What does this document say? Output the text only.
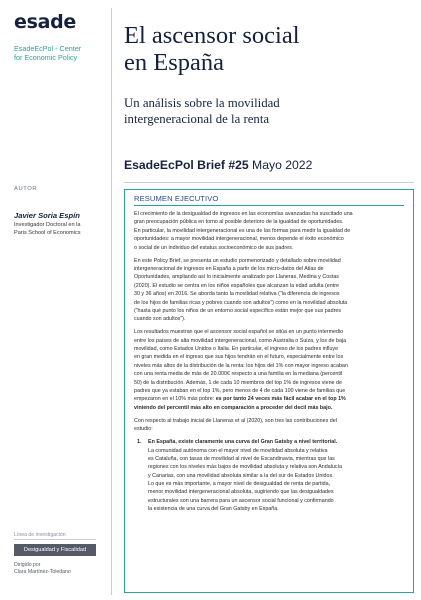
esade
EsadeEcPol - Center
for Economic Policy
El ascensor social
en España
Un análisis sobre la movilidad
intergeneracional de la renta
EsadeEcPol Brief #25 Mayo 2022
AUTOR
Javier Soria Espín
Investigador Doctoral en la
Paris School of Economics
RESUMEN EJECUTIVO
El crecimiento de la desigualdad de ingresos en las economías avanzadas ha suscitado una
gran preocupación pública en torno al posible deterioro de la igualdad de oportunidades.
En particular, la movilidad intergeneracional es una de las formas para medir la igualdad de
oportunidades: a mayor movilidad intergeneracional, menos depende el éxito económico
o social de un individuo del estatus socioeconómico de sus padres.
En este Policy Brief, se presenta un estudio pormenorizado y detallado sobre movilidad
intergeneracional de ingresos en España a partir de los micro-datos del Atlas de
Oportunidades, ampliando así lo inicialmente analizado por Llaneras, Medina y Costas
(2020). El estudio se centra en los niños españoles que alcanzan la edad adulta (entre
30 y 36 años) en 2016. Se aborda tanto la movilidad relativa (“la diferencia de ingresos
de los hijos de familias ricas y pobres cuando son adultos”) como en la movilidad absoluta
(“hasta qué punto los niños de un entorno social específico están mejor que sus padres
cuando son adultos”).
Los resultados muestran que el ascensor social español se sitúa en un punto intermedio
entre los países de alta movilidad intergeneracional, como Australia o Suiza, y los de baja
movilidad, como Estados Unidos o Italia. En particular, el ingreso de los padres influye
en gran medida en el ingreso que sus hijos tendrán en el futuro, especialmente entre los
niveles más altos de la distribución de la renta: los hijos del 1% con mayor ingreso acaban
con una renta media de más de 20.000€ respecto a una familia en la mediana (percentil
50) de la distribución. Además, 1 de cada 10 miembros del top 1% de ingresos viene de
padres que ya estaban en el top 1%, pero menos de 4 de cada 100 viene de familias que
empezaron en el 10% más pobre: es por tanto 24 veces más fácil acabar en el top 1%
viniendo del percentil más alto en comparación a proceder del decil más bajo.
Con respecto al trabajo inicial de Llaneras et al (2020), son tres las contribuciones del
estudio:
1. En España, existe claramente una curva del Gran Gatsby a nivel territorial.
La comunidad autónoma con el mayor nivel de movilidad absoluta y relativa
es Cataluña, con tasas de movilidad al nivel de Escandinavia, mientras que las
regiones con los niveles más bajos de movilidad absoluta y relativa son Andalucía
y Canarias, con una movilidad absoluta similar a la del sur de Estados Unidos.
Lo que es más importante, a mayor nivel de desigualdad de renta de partida,
menor movilidad intergeneracional absoluta, sugiriendo que las desigualdades
estructurales son una barrera para un ascensor social funcional y confirmando
la existencia de una curva del Gran Gatsby en España.
Línea de investigación
Desigualdad y Fiscalidad
Dirigido por
Clara Martínez-Toledano
